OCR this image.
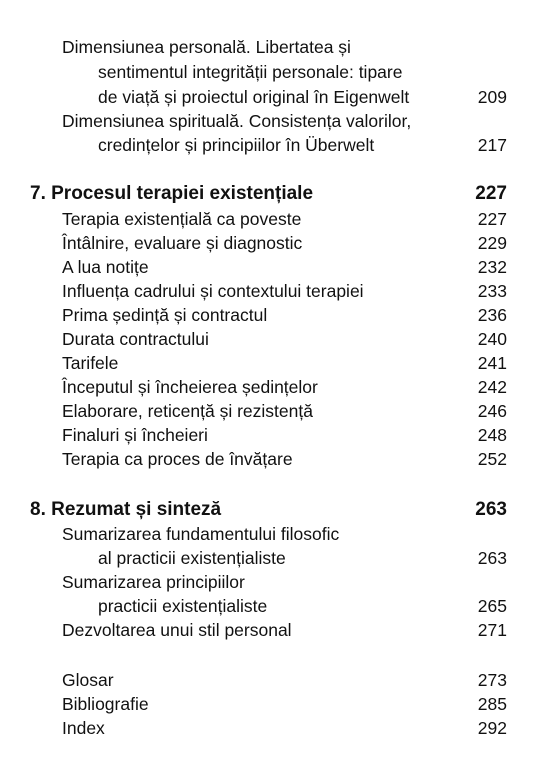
Dimensiunea personală. Libertatea și
sentimentul integrității personale: tipare
de viață și proiectul original în Eigenwelt	209
Dimensiunea spirituală. Consistența valorilor,
credințelor și principiilor în Überwelt	217
7. Procesul terapiei existențiale	227
Terapia existențială ca poveste	227
Întâlnire, evaluare și diagnostic	229
A lua notițe	232
Influența cadrului și contextului terapiei	233
Prima ședință și contractul	236
Durata contractului	240
Tarifele	241
Începutul și încheierea ședințelor	242
Elaborare, reticență și rezistență	246
Finaluri și încheieri	248
Terapia ca proces de învățare	252
8. Rezumat și sinteză	263
Sumarizarea fundamentului filosofic
al practicii existențialiste	263
Sumarizarea principiilor
practicii existențialiste	265
Dezvoltarea unui stil personal	271
Glosar	273
Bibliografie	285
Index	292
